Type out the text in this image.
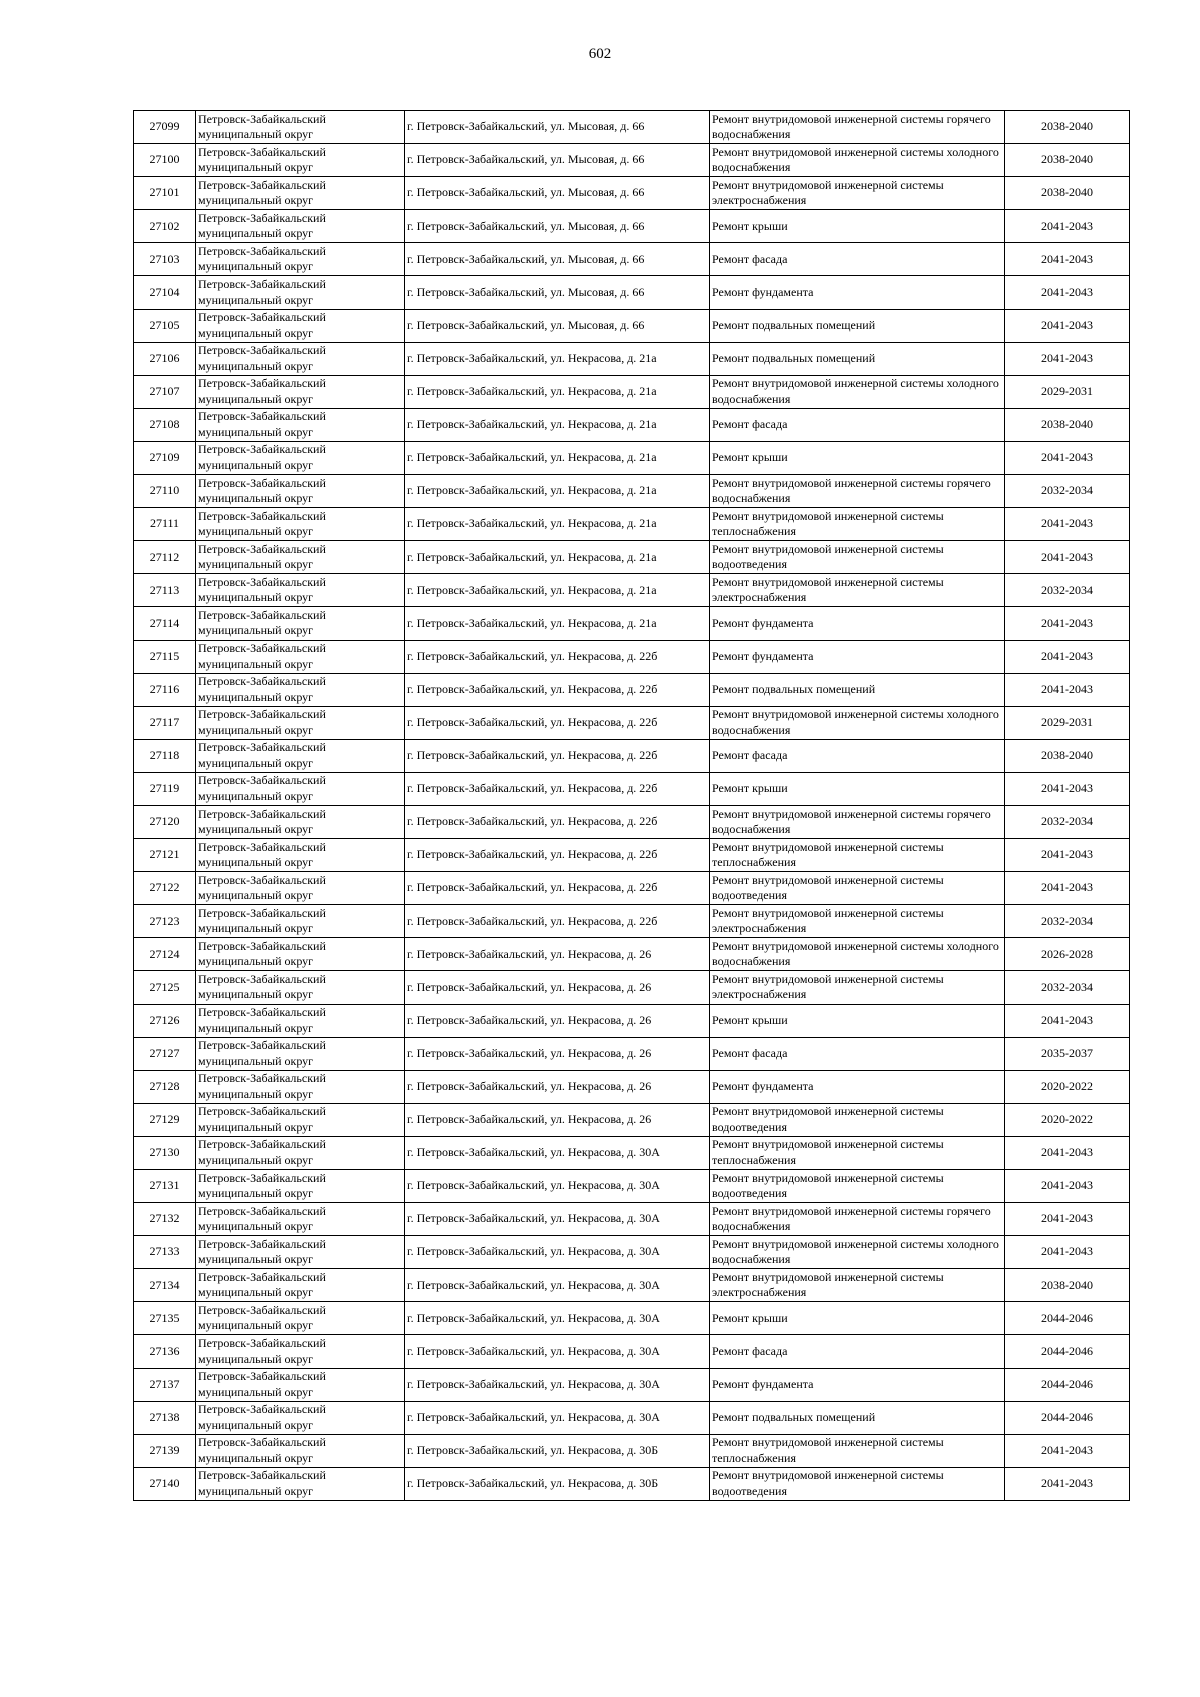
602
27099	Петровск-Забайкальский муниципальный округ	г. Петровск-Забайкальский, ул. Мысовая, д. 66	Ремонт внутридомовой инженерной системы горячего водоснабжения	2038-2040
27100	Петровск-Забайкальский муниципальный округ	г. Петровск-Забайкальский, ул. Мысовая, д. 66	Ремонт внутридомовой инженерной системы холодного водоснабжения	2038-2040
27101	Петровск-Забайкальский муниципальный округ	г. Петровск-Забайкальский, ул. Мысовая, д. 66	Ремонт внутридомовой инженерной системы электроснабжения	2038-2040
27102	Петровск-Забайкальский муниципальный округ	г. Петровск-Забайкальский, ул. Мысовая, д. 66	Ремонт крыши	2041-2043
27103	Петровск-Забайкальский муниципальный округ	г. Петровск-Забайкальский, ул. Мысовая, д. 66	Ремонт фасада	2041-2043
27104	Петровск-Забайкальский муниципальный округ	г. Петровск-Забайкальский, ул. Мысовая, д. 66	Ремонт фундамента	2041-2043
27105	Петровск-Забайкальский муниципальный округ	г. Петровск-Забайкальский, ул. Мысовая, д. 66	Ремонт подвальных помещений	2041-2043
27106	Петровск-Забайкальский муниципальный округ	г. Петровск-Забайкальский, ул. Некрасова, д. 21а	Ремонт подвальных помещений	2041-2043
27107	Петровск-Забайкальский муниципальный округ	г. Петровск-Забайкальский, ул. Некрасова, д. 21а	Ремонт внутридомовой инженерной системы холодного водоснабжения	2029-2031
27108	Петровск-Забайкальский муниципальный округ	г. Петровск-Забайкальский, ул. Некрасова, д. 21а	Ремонт фасада	2038-2040
27109	Петровск-Забайкальский муниципальный округ	г. Петровск-Забайкальский, ул. Некрасова, д. 21а	Ремонт крыши	2041-2043
27110	Петровск-Забайкальский муниципальный округ	г. Петровск-Забайкальский, ул. Некрасова, д. 21а	Ремонт внутридомовой инженерной системы горячего водоснабжения	2032-2034
27111	Петровск-Забайкальский муниципальный округ	г. Петровск-Забайкальский, ул. Некрасова, д. 21а	Ремонт внутридомовой инженерной системы теплоснабжения	2041-2043
27112	Петровск-Забайкальский муниципальный округ	г. Петровск-Забайкальский, ул. Некрасова, д. 21а	Ремонт внутридомовой инженерной системы водоотведения	2041-2043
27113	Петровск-Забайкальский муниципальный округ	г. Петровск-Забайкальский, ул. Некрасова, д. 21а	Ремонт внутридомовой инженерной системы электроснабжения	2032-2034
27114	Петровск-Забайкальский муниципальный округ	г. Петровск-Забайкальский, ул. Некрасова, д. 21а	Ремонт фундамента	2041-2043
27115	Петровск-Забайкальский муниципальный округ	г. Петровск-Забайкальский, ул. Некрасова, д. 22б	Ремонт фундамента	2041-2043
27116	Петровск-Забайкальский муниципальный округ	г. Петровск-Забайкальский, ул. Некрасова, д. 22б	Ремонт подвальных помещений	2041-2043
27117	Петровск-Забайкальский муниципальный округ	г. Петровск-Забайкальский, ул. Некрасова, д. 22б	Ремонт внутридомовой инженерной системы холодного водоснабжения	2029-2031
27118	Петровск-Забайкальский муниципальный округ	г. Петровск-Забайкальский, ул. Некрасова, д. 22б	Ремонт фасада	2038-2040
27119	Петровск-Забайкальский муниципальный округ	г. Петровск-Забайкальский, ул. Некрасова, д. 22б	Ремонт крыши	2041-2043
27120	Петровск-Забайкальский муниципальный округ	г. Петровск-Забайкальский, ул. Некрасова, д. 22б	Ремонт внутридомовой инженерной системы горячего водоснабжения	2032-2034
27121	Петровск-Забайкальский муниципальный округ	г. Петровск-Забайкальский, ул. Некрасова, д. 22б	Ремонт внутридомовой инженерной системы теплоснабжения	2041-2043
27122	Петровск-Забайкальский муниципальный округ	г. Петровск-Забайкальский, ул. Некрасова, д. 22б	Ремонт внутридомовой инженерной системы водоотведения	2041-2043
27123	Петровск-Забайкальский муниципальный округ	г. Петровск-Забайкальский, ул. Некрасова, д. 22б	Ремонт внутридомовой инженерной системы электроснабжения	2032-2034
27124	Петровск-Забайкальский муниципальный округ	г. Петровск-Забайкальский, ул. Некрасова, д. 26	Ремонт внутридомовой инженерной системы холодного водоснабжения	2026-2028
27125	Петровск-Забайкальский муниципальный округ	г. Петровск-Забайкальский, ул. Некрасова, д. 26	Ремонт внутридомовой инженерной системы электроснабжения	2032-2034
27126	Петровск-Забайкальский муниципальный округ	г. Петровск-Забайкальский, ул. Некрасова, д. 26	Ремонт крыши	2041-2043
27127	Петровск-Забайкальский муниципальный округ	г. Петровск-Забайкальский, ул. Некрасова, д. 26	Ремонт фасада	2035-2037
27128	Петровск-Забайкальский муниципальный округ	г. Петровск-Забайкальский, ул. Некрасова, д. 26	Ремонт фундамента	2020-2022
27129	Петровск-Забайкальский муниципальный округ	г. Петровск-Забайкальский, ул. Некрасова, д. 26	Ремонт внутридомовой инженерной системы водоотведения	2020-2022
27130	Петровск-Забайкальский муниципальный округ	г. Петровск-Забайкальский, ул. Некрасова, д. 30А	Ремонт внутридомовой инженерной системы теплоснабжения	2041-2043
27131	Петровск-Забайкальский муниципальный округ	г. Петровск-Забайкальский, ул. Некрасова, д. 30А	Ремонт внутридомовой инженерной системы водоотведения	2041-2043
27132	Петровск-Забайкальский муниципальный округ	г. Петровск-Забайкальский, ул. Некрасова, д. 30А	Ремонт внутридомовой инженерной системы горячего водоснабжения	2041-2043
27133	Петровск-Забайкальский муниципальный округ	г. Петровск-Забайкальский, ул. Некрасова, д. 30А	Ремонт внутридомовой инженерной системы холодного водоснабжения	2041-2043
27134	Петровск-Забайкальский муниципальный округ	г. Петровск-Забайкальский, ул. Некрасова, д. 30А	Ремонт внутридомовой инженерной системы электроснабжения	2038-2040
27135	Петровск-Забайкальский муниципальный округ	г. Петровск-Забайкальский, ул. Некрасова, д. 30А	Ремонт крыши	2044-2046
27136	Петровск-Забайкальский муниципальный округ	г. Петровск-Забайкальский, ул. Некрасова, д. 30А	Ремонт фасада	2044-2046
27137	Петровск-Забайкальский муниципальный округ	г. Петровск-Забайкальский, ул. Некрасова, д. 30А	Ремонт фундамента	2044-2046
27138	Петровск-Забайкальский муниципальный округ	г. Петровск-Забайкальский, ул. Некрасова, д. 30А	Ремонт подвальных помещений	2044-2046
27139	Петровск-Забайкальский муниципальный округ	г. Петровск-Забайкальский, ул. Некрасова, д. 30Б	Ремонт внутридомовой инженерной системы теплоснабжения	2041-2043
27140	Петровск-Забайкальский муниципальный округ	г. Петровск-Забайкальский, ул. Некрасова, д. 30Б	Ремонт внутридомовой инженерной системы водоотведения	2041-2043
